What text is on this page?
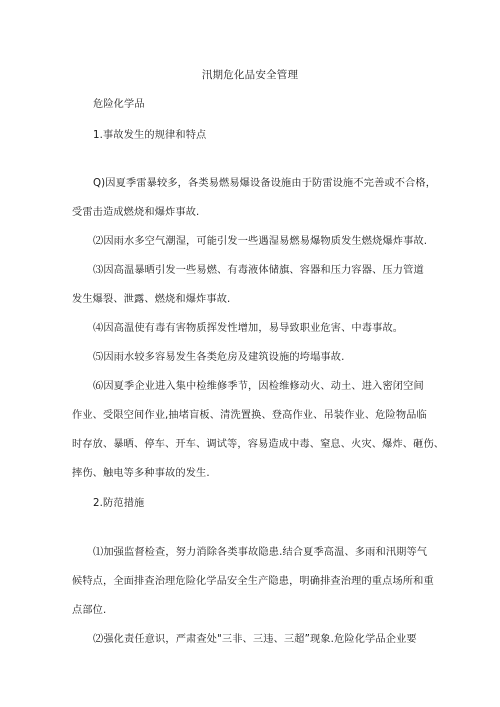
汛期危化品安全管理
危险化学品
1.事故发生的规律和特点
Q)因夏季雷暴较多，各类易燃易爆设备设施由于防雷设施不完善或不合格，
受雷击造成燃烧和爆炸事故.
⑵因雨水多空气潮湿，可能引发一些遇湿易燃易爆物质发生燃烧爆炸事故.
⑶因高温暴晒引发一些易燃、有毒液体储旗、容器和压力容器、压力管道
发生爆裂、泄露、燃烧和爆炸事故.
⑷因高温使有毒有害物质挥发性增加，易导致职业危害、中毒事故。
⑸因雨水较多容易发生各类危房及建筑设施的垮塌事故.
⑹因夏季企业进入集中检维修季节，因检维修动火、动土、进入密闭空间
作业、受限空间作业,抽堵盲板、清洗置换、登高作业、吊装作业、危险物品临
时存放、暴晒、停车、开车、调试等，容易造成中毒、窒息、火灾、爆炸、砸伤、
摔伤、触电等多种事故的发生.
2.防范措施
⑴加强监督检查，努力消除各类事故隐患.结合夏季高温、多雨和汛期等气
候特点，全面排查治理危险化学品安全生产隐患，明确排查治理的重点场所和重
点部位.
⑵强化责任意识，严肃查处"三非、三违、三超”现象.危险化学品企业要
